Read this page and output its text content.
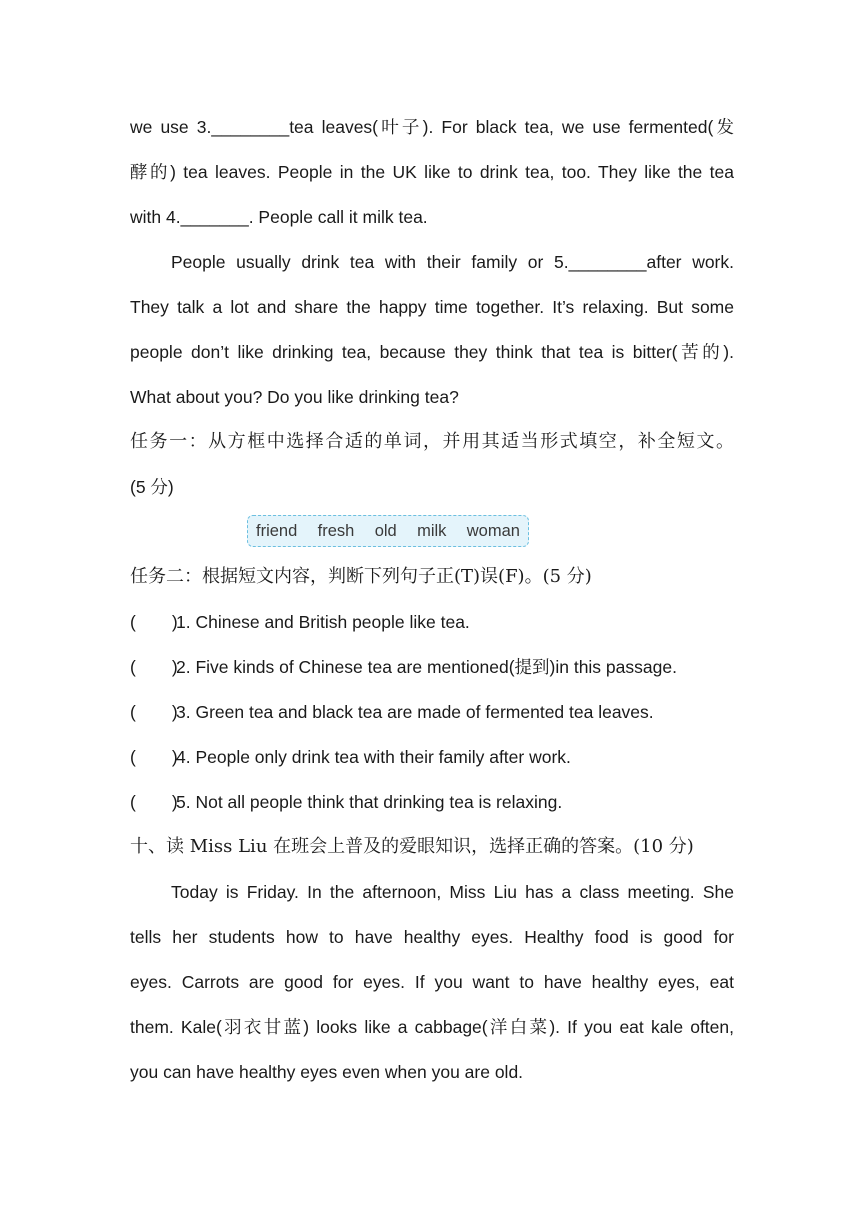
we use 3.________tea leaves(叶子). For black tea, we use fermented(发
酵的) tea leaves. People in the UK like to drink tea, too. They like the tea
with 4._______. People call it milk tea.
People usually drink tea with their family or 5.________after work.
They talk a lot and share the happy time together. It’s relaxing. But some
people don’t like drinking tea, because they think that tea is bitter(苦的).
What about you? Do you like drinking tea?
任务一：从方框中选择合适的单词，并用其适当形式填空，补全短文。
(5 分)
任务二：根据短文内容，判断下列句子正(T)误(F)。(5 分)
( )1. Chinese and British people like tea.
( )2. Five kinds of Chinese tea are mentioned(提到)in this passage.
( )3. Green tea and black tea are made of fermented tea leaves.
( )4. People only drink tea with their family after work.
( )5. Not all people think that drinking tea is relaxing.
十、读 Miss Liu 在班会上普及的爱眼知识，选择正确的答案。(10 分)
Today is Friday. In the afternoon, Miss Liu has a class meeting. She
tells her students how to have healthy eyes. Healthy food is good for
eyes. Carrots are good for eyes. If you want to have healthy eyes, eat
them. Kale(羽衣甘蓝) looks like a cabbage(洋白菜). If you eat kale often,
you can have healthy eyes even when you are old.
friend fresh old milk woman
